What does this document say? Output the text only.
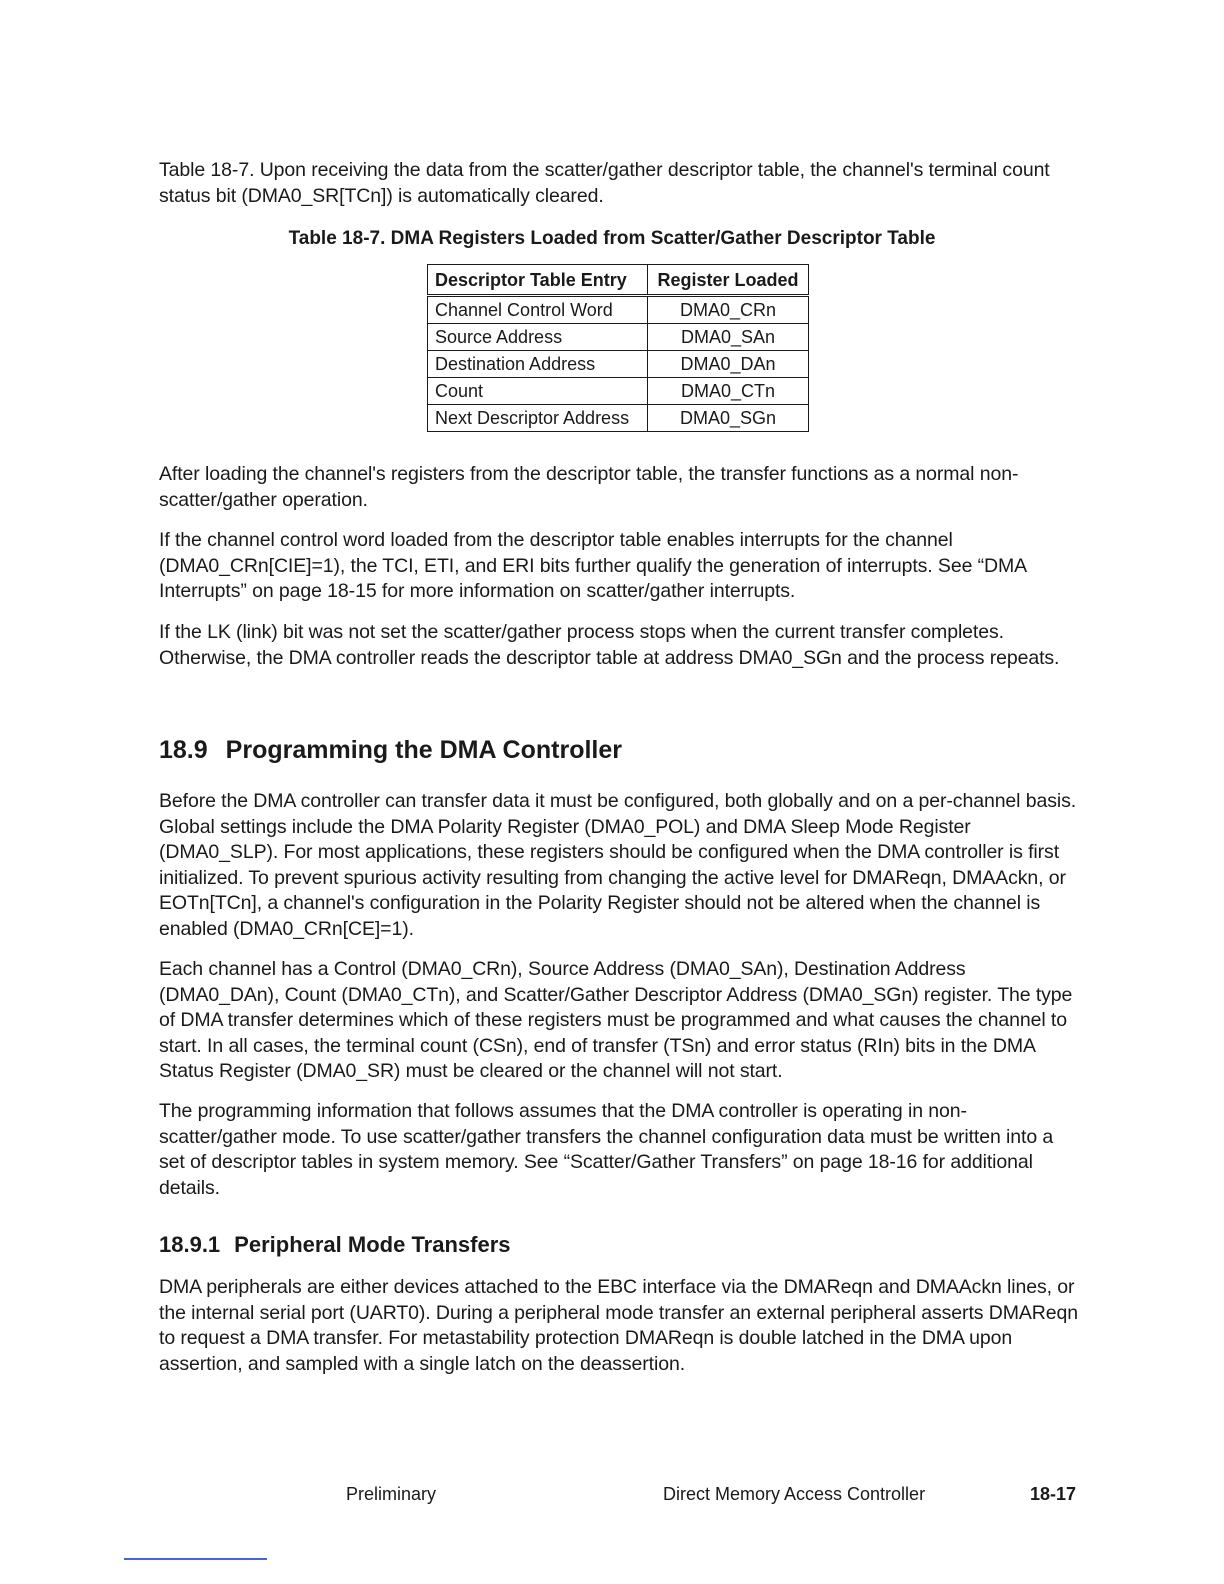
Table 18-7. Upon receiving the data from the scatter/gather descriptor table, the channel's terminal count status bit (DMA0_SR[TCn]) is automatically cleared.

Table 18-7. DMA Registers Loaded from Scatter/Gather Descriptor Table

Descriptor Table Entry	Register Loaded
Channel Control Word	DMA0_CRn
Source Address	DMA0_SAn
Destination Address	DMA0_DAn
Count	DMA0_CTn
Next Descriptor Address	DMA0_SGn

After loading the channel's registers from the descriptor table, the transfer functions as a normal non-scatter/gather operation.

If the channel control word loaded from the descriptor table enables interrupts for the channel (DMA0_CRn[CIE]=1), the TCI, ETI, and ERI bits further qualify the generation of interrupts. See “DMA Interrupts” on page 18-15 for more information on scatter/gather interrupts.

If the LK (link) bit was not set the scatter/gather process stops when the current transfer completes. Otherwise, the DMA controller reads the descriptor table at address DMA0_SGn and the process repeats.

18.9 Programming the DMA Controller

Before the DMA controller can transfer data it must be configured, both globally and on a per-channel basis. Global settings include the DMA Polarity Register (DMA0_POL) and DMA Sleep Mode Register (DMA0_SLP). For most applications, these registers should be configured when the DMA controller is first initialized. To prevent spurious activity resulting from changing the active level for DMAReqn, DMAAckn, or EOTn[TCn], a channel's configuration in the Polarity Register should not be altered when the channel is enabled (DMA0_CRn[CE]=1).

Each channel has a Control (DMA0_CRn), Source Address (DMA0_SAn), Destination Address (DMA0_DAn), Count (DMA0_CTn), and Scatter/Gather Descriptor Address (DMA0_SGn) register. The type of DMA transfer determines which of these registers must be programmed and what causes the channel to start. In all cases, the terminal count (CSn), end of transfer (TSn) and error status (RIn) bits in the DMA Status Register (DMA0_SR) must be cleared or the channel will not start.

The programming information that follows assumes that the DMA controller is operating in non-scatter/gather mode. To use scatter/gather transfers the channel configuration data must be written into a set of descriptor tables in system memory. See “Scatter/Gather Transfers” on page 18-16 for additional details.

18.9.1 Peripheral Mode Transfers

DMA peripherals are either devices attached to the EBC interface via the DMAReqn and DMAAckn lines, or the internal serial port (UART0). During a peripheral mode transfer an external peripheral asserts DMAReqn to request a DMA transfer. For metastability protection DMAReqn is double latched in the DMA upon assertion, and sampled with a single latch on the deassertion.

Preliminary	Direct Memory Access Controller	18-17
